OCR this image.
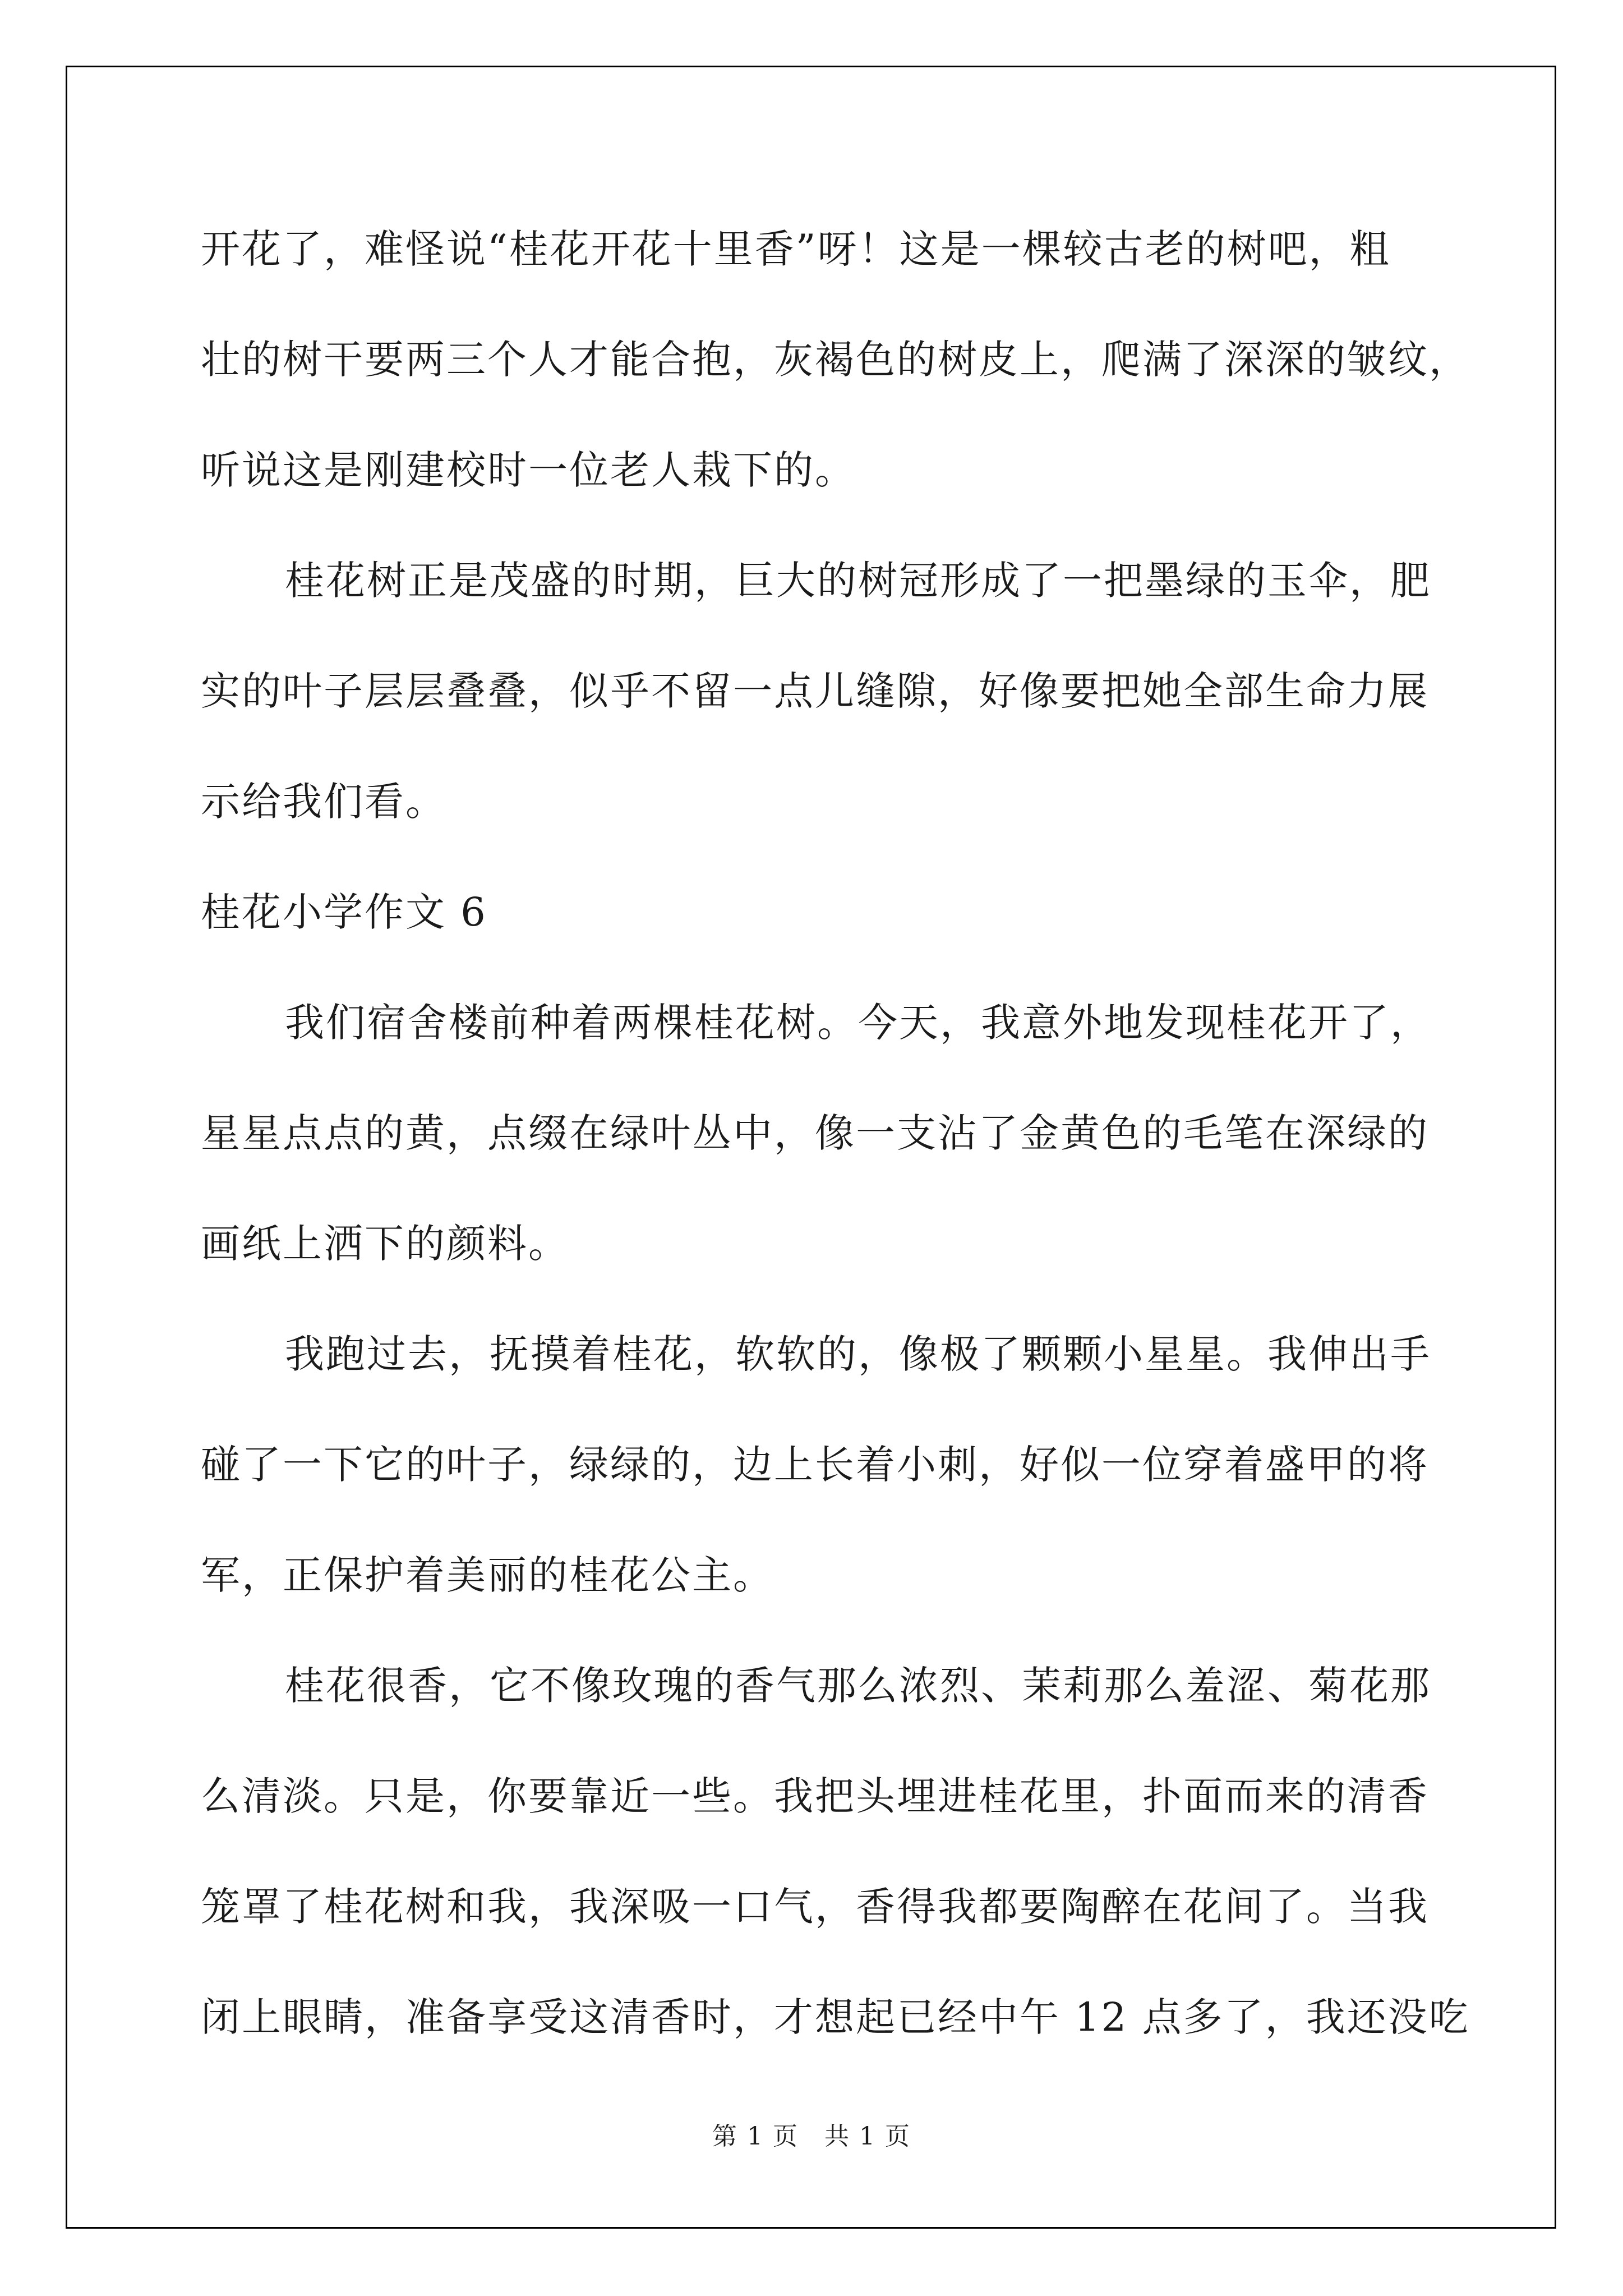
开花了，难怪说“桂花开花十里香”呀！这是一棵较古老的树吧，粗
壮的树干要两三个人才能合抱，灰褐色的树皮上，爬满了深深的皱纹，
听说这是刚建校时一位老人栽下的。
桂花树正是茂盛的时期，巨大的树冠形成了一把墨绿的玉伞，肥
实的叶子层层叠叠，似乎不留一点儿缝隙，好像要把她全部生命力展
示给我们看。
桂花小学作文 6
我们宿舍楼前种着两棵桂花树。今天，我意外地发现桂花开了，
星星点点的黄，点缀在绿叶丛中，像一支沾了金黄色的毛笔在深绿的
画纸上洒下的颜料。
我跑过去，抚摸着桂花，软软的，像极了颗颗小星星。我伸出手
碰了一下它的叶子，绿绿的，边上长着小刺，好似一位穿着盛甲的将
军，正保护着美丽的桂花公主。
桂花很香，它不像玫瑰的香气那么浓烈、茉莉那么羞涩、菊花那
么清淡。只是，你要靠近一些。我把头埋进桂花里，扑面而来的清香
笼罩了桂花树和我，我深吸一口气，香得我都要陶醉在花间了。当我
闭上眼睛，准备享受这清香时，才想起已经中午 12 点多了，我还没吃
第 1 页　共 1 页
